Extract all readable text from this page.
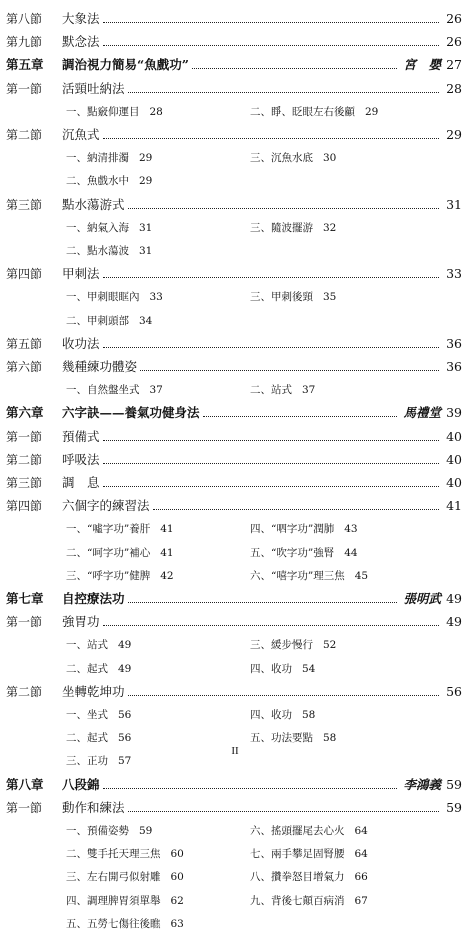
第八節 大象法	26
第九節 默念法	26
第五章 調治視力簡易“魚戲功”	宮　嬰 27
第一節 活頸吐納法	28
一、點竅仰運目 28	二、睜、眨眼左右後顧 29
第二節 沉魚式	29
一、納清排濁 29	三、沉魚水底 30
二、魚戲水中 29
第三節 點水蕩游式	31
一、納氣入海 31	三、隨波擺游 32
二、點水蕩波 31
第四節 甲刺法	33
一、甲刺眼眶內 33	三、甲刺後頸 35
二、甲刺頭部 34
第五節 收功法	36
第六節 幾種練功體姿	36
一、自然盤坐式 37	二、站式 37
第六章 六字訣——養氣功健身法	馬禮堂 39
第一節 預備式	40
第二節 呼吸法	40
第三節 調　息	40
第四節 六個字的練習法	41
一、“噓字功”養肝 41	四、“呬字功”潤肺 43
二、“呵字功”補心 41	五、“吹字功”強腎 44
三、“呼字功”健脾 42	六、“嘻字功”理三焦 45
第七章 自控療法功	張明武 49
第一節 強胃功	49
一、站式 49	三、緩步慢行 52
二、起式 49	四、收功 54
第二節 坐轉乾坤功	56
一、坐式 56	四、收功 58
二、起式 56	五、功法要點 58
三、正功 57
第八章 八段錦	李鴻義 59
第一節 動作和練法	59
一、預備姿勢 59	六、搖頭擺尾去心火 64
二、雙手托天理三焦 60	七、兩手攀足固腎腰 64
三、左右開弓似射雕 60	八、攢拳怒目增氣力 66
四、調理脾胃須單舉 62	九、背後七顛百病消 67
五、五勞七傷往後瞧 63
II
